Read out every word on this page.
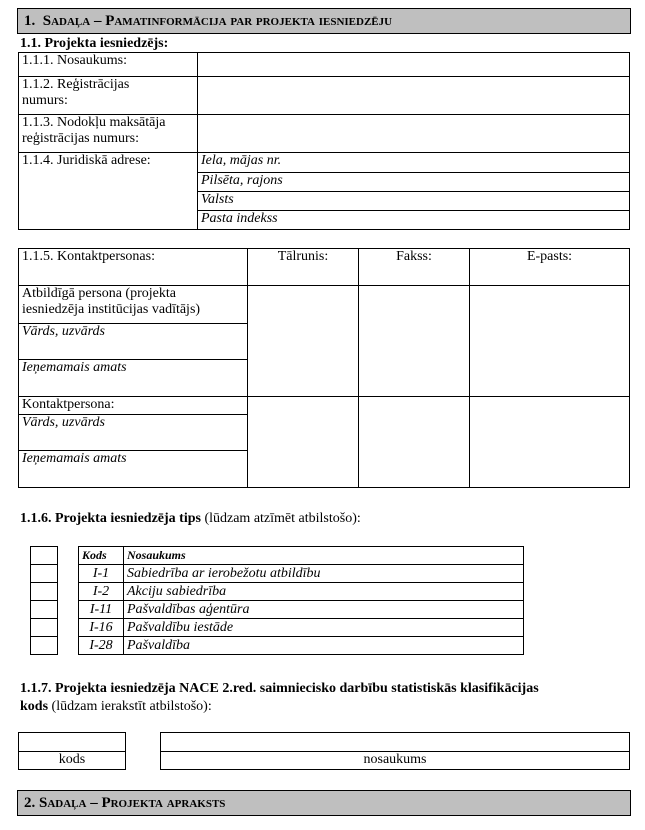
1. Sadaļa – Pamatinformācija par projekta iesniedzēju
1.1. Projekta iesniedzējs:
1.1.1. Nosaukums:	
1.1.2. Reģistrācijas
numurs:	
1.1.3. Nodokļu maksātāja
reģistrācijas numurs:	
1.1.4. Juridiskā adrese:	Iela, mājas nr.
	Pilsēta, rajons
	Valsts
	Pasta indekss
1.1.5. Kontaktpersonas:	Tālrunis:	Fakss:	E-pasts:
Atbildīgā persona (projekta
iesniedzēja institūcijas vadītājs)			
Vārds, uzvārds			
Ieņemamais amats			
Kontaktpersona:			
Vārds, uzvārds			
Ieņemamais amats			
1.1.6. Projekta iesniedzēja tips (lūdzam atzīmēt atbilstošo):

Kods	Nosaukums
I-1	Sabiedrība ar ierobežotu atbildību
I-2	Akciju sabiedrība
I-11	Pašvaldības aģentūra
I-16	Pašvaldību iestāde
I-28	Pašvaldība
1.1.7. Projekta iesniedzēja NACE 2.red. saimniecisko darbību statistiskās klasifikācijas
kods (lūdzam ierakstīt atbilstošo):

kods	nosaukums
2. Sadaļa – Projekta apraksts
